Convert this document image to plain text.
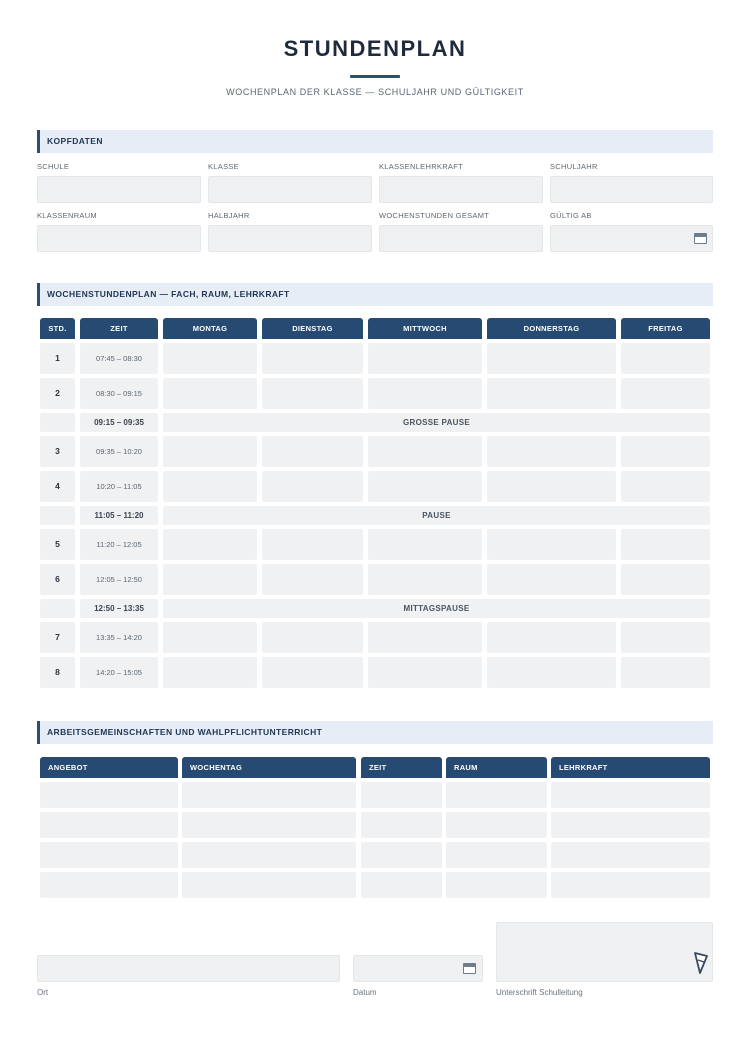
STUNDENPLAN
WOCHENPLAN DER KLASSE — SCHULJAHR UND GÜLTIGKEIT
KOPFDATEN
SCHULE	KLASSE	KLASSENLEHRKRAFT	SCHULJAHR
KLASSENRAUM	HALBJAHR	WOCHENSTUNDEN GESAMT	GÜLTIG AB
WOCHENSTUNDENPLAN — FACH, RAUM, LEHRKRAFT
STD.	ZEIT	MONTAG	DIENSTAG	MITTWOCH	DONNERSTAG	FREITAG
1	07:45 – 08:30
2	08:30 – 09:15
09:15 – 09:35	GROSSE PAUSE
3	09:35 – 10:20
4	10:20 – 11:05
11:05 – 11:20	PAUSE
5	11:20 – 12:05
6	12:05 – 12:50
12:50 – 13:35	MITTAGSPAUSE
7	13:35 – 14:20
8	14:20 – 15:05
ARBEITSGEMEINSCHAFTEN UND WAHLPFLICHTUNTERRICHT
ANGEBOT	WOCHENTAG	ZEIT	RAUM	LEHRKRAFT
Ort	Datum	Unterschrift Schulleitung
